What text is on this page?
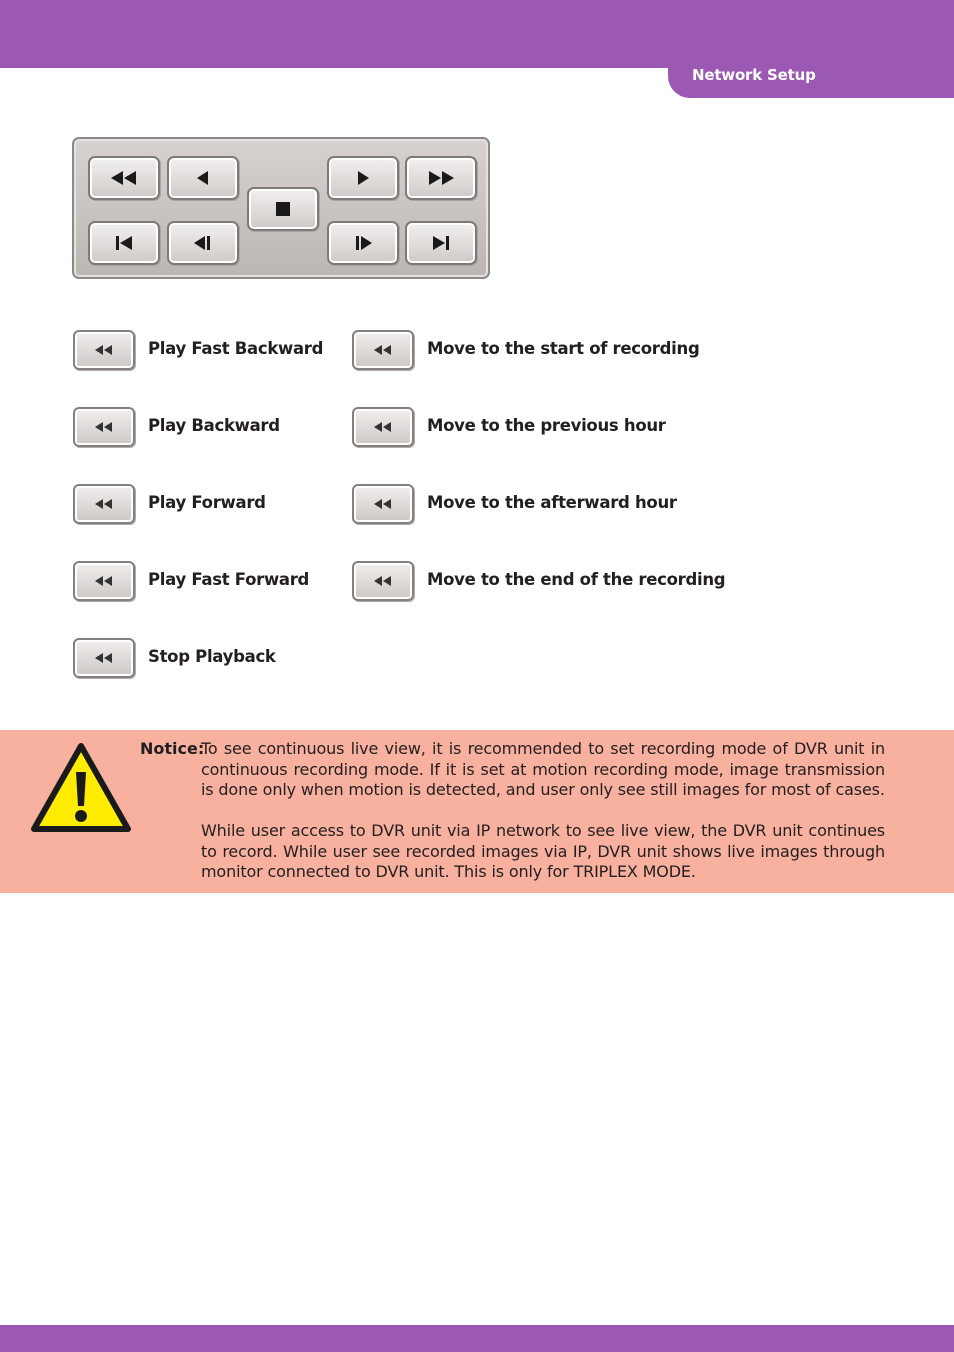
Network Setup
Play Fast Backward
Play Backward
Play Forward
Play Fast Forward
Stop Playback
Move to the start of recording
Move to the previous hour
Move to the afterward hour
Move to the end of the recording
Notice:

To see continuous live view, it is recommended to set recording mode of DVR unit in continuous recording mode. If it is set at motion recording mode, image transmission is done only when motion is detected, and user only see still images for most of cases.

While user access to DVR unit via IP network to see live view, the DVR unit continues to record. While user see recorded images via IP, DVR unit shows live images through monitor connected to DVR unit. This is only for TRIPLEX MODE.
